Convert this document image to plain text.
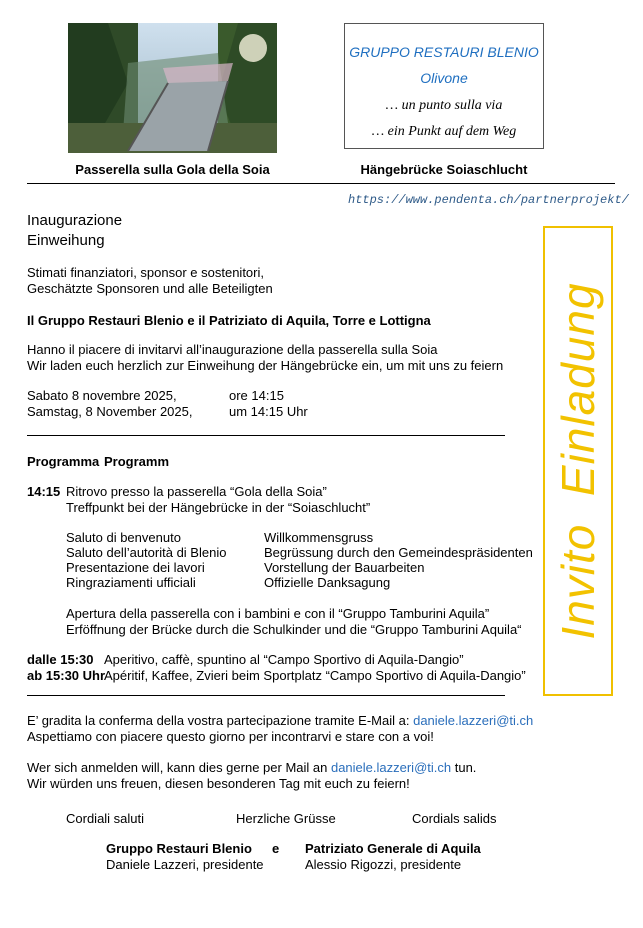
Passerella sulla Gola della Soia
GRUPPO RESTAURI BLENIO
Olivone
… un punto sulla via
… ein Punkt auf dem Weg
Hängebrücke Soiaschlucht
https://www.pendenta.ch/partnerprojekt/
Inaugurazione
Einweihung
Stimati finanziatori, sponsor e sostenitori,
Geschätzte Sponsoren und alle Beteiligten
Il Gruppo Restauri Blenio e il Patriziato di Aquila, Torre e Lottigna
Hanno il piacere di invitarvi all’inaugurazione della passerella sulla Soia
Wir laden euch herzlich zur Einweihung der Hängebrücke ein, um mit uns zu feiern
Sabato 8 novembre 2025,	ore 14:15
Samstag, 8 November 2025,	um 14:15 Uhr
Programma Programm
14:15 Ritrovo presso la passerella “Gola della Soia”
Treffpunkt bei der Hängebrücke in der “Soiaschlucht”
Saluto di benvenuto	Willkommensgruss
Saluto dell’autorità di Blenio	Begrüssung durch den Gemeindespräsidenten
Presentazione dei lavori	Vorstellung der Bauarbeiten
Ringraziamenti ufficiali	Offizielle Danksagung
Apertura della passerella con i bambini e con il “Gruppo Tamburini Aquila”
Erföffnung der Brücke durch die Schulkinder und die “Gruppo Tamburini Aquila“
dalle 15:30 Aperitivo, caffè, spuntino al “Campo Sportivo di Aquila-Dangio”
ab 15:30 Uhr
Apéritif, Kaffee, Zvieri beim Sportplatz “Campo Sportivo di Aquila-Dangio”
E’ gradita la conferma della vostra partecipazione tramite E-Mail a: daniele.lazzeri@ti.ch
Aspettiamo con piacere questo giorno per incontrarvi e stare con a voi!
Wer sich anmelden will, kann dies gerne per Mail an daniele.lazzeri@ti.ch tun.
Wir würden uns freuen, diesen besonderen Tag mit euch zu feiern!
Cordiali saluti	Herzliche Grüsse	Cordials salids
Gruppo Restauri Blenio e Patriziato Generale di Aquila
Daniele Lazzeri, presidente	Alessio Rigozzi, presidente
Invito  Einladung
